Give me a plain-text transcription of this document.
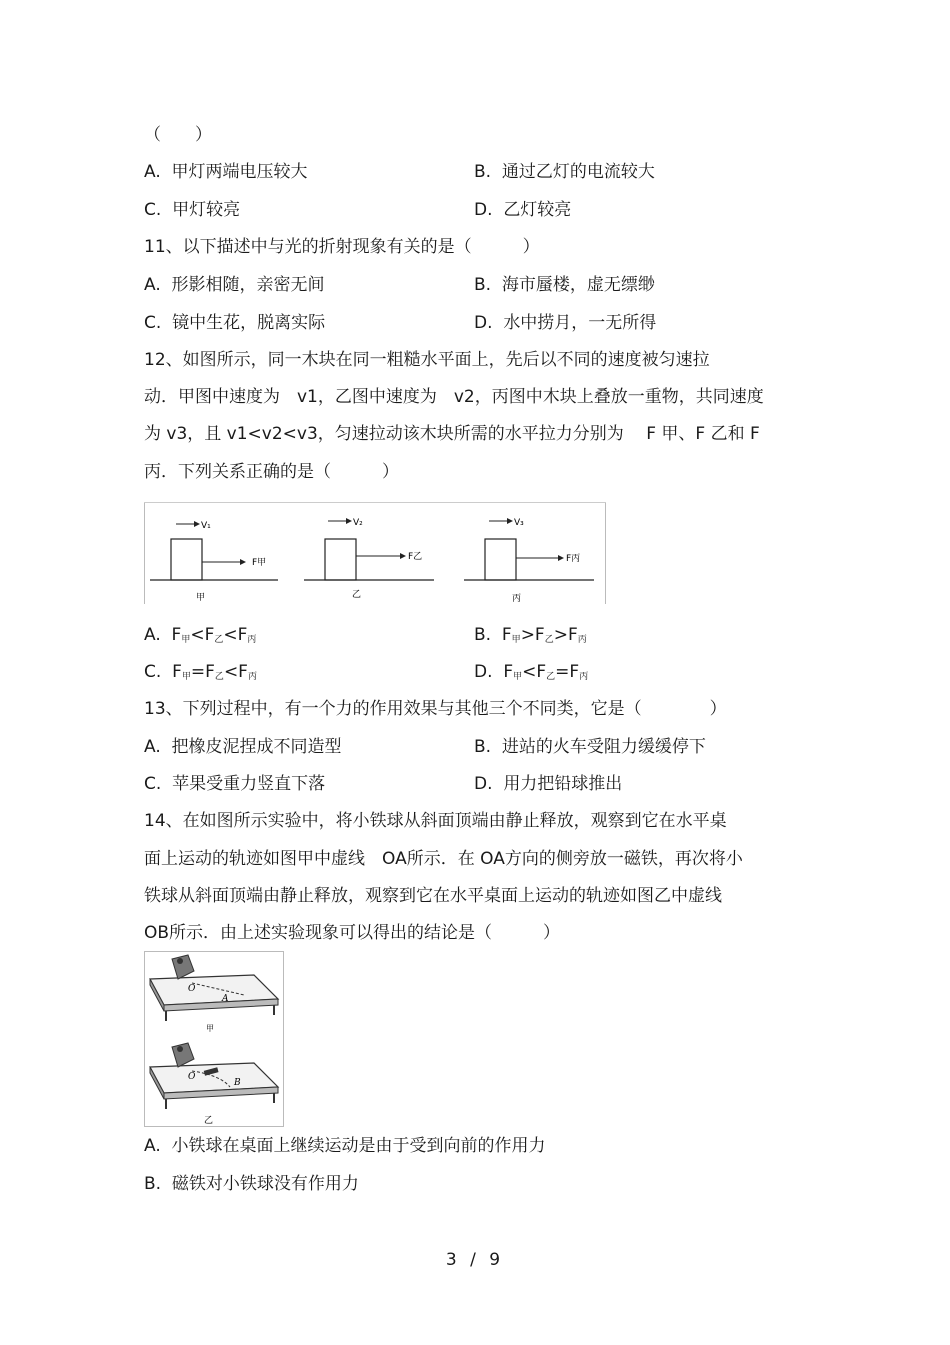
（　　）
A. 甲灯两端电压较大	B. 通过乙灯的电流较大
C. 甲灯较亮	D. 乙灯较亮
11、以下描述中与光的折射现象有关的是（　　　）
A. 形影相随，亲密无间	B. 海市蜃楼，虚无缥缈
C. 镜中生花，脱离实际	D. 水中捞月，一无所得
12、如图所示，同一木块在同一粗糙水平面上，先后以不同的速度被匀速拉
动．甲图中速度为　v1，乙图中速度为　v2，丙图中木块上叠放一重物，共同速度
为 v3，且 v1<v2<v3，匀速拉动该木块所需的水平拉力分别为　 F 甲、F 乙和 F
丙．下列关系正确的是（　　　）
V₁
F甲
甲
V₂
F乙
乙
V₃
F丙
丙
A. $F_甲<F_乙<F_丙$	B. $F_甲>F_乙>F_丙$
C. $F_甲=F_乙<F_丙$	D. $F_甲<F_乙=F_丙$
13、下列过程中，有一个力的作用效果与其他三个不同类，它是（　　　　）
A. 把橡皮泥捏成不同造型	B. 进站的火车受阻力缓缓停下
C. 苹果受重力竖直下落	D. 用力把铅球推出
14、在如图所示实验中，将小铁球从斜面顶端由静止释放，观察到它在水平桌
面上运动的轨迹如图甲中虚线　OA所示．在 OA方向的侧旁放一磁铁，再次将小
铁球从斜面顶端由静止释放，观察到它在水平桌面上运动的轨迹如图乙中虚线
OB所示．由上述实验现象可以得出的结论是（　　　）
O
A
甲
O
B
乙
A. 小铁球在桌面上继续运动是由于受到向前的作用力
B. 磁铁对小铁球没有作用力
3 / 9
